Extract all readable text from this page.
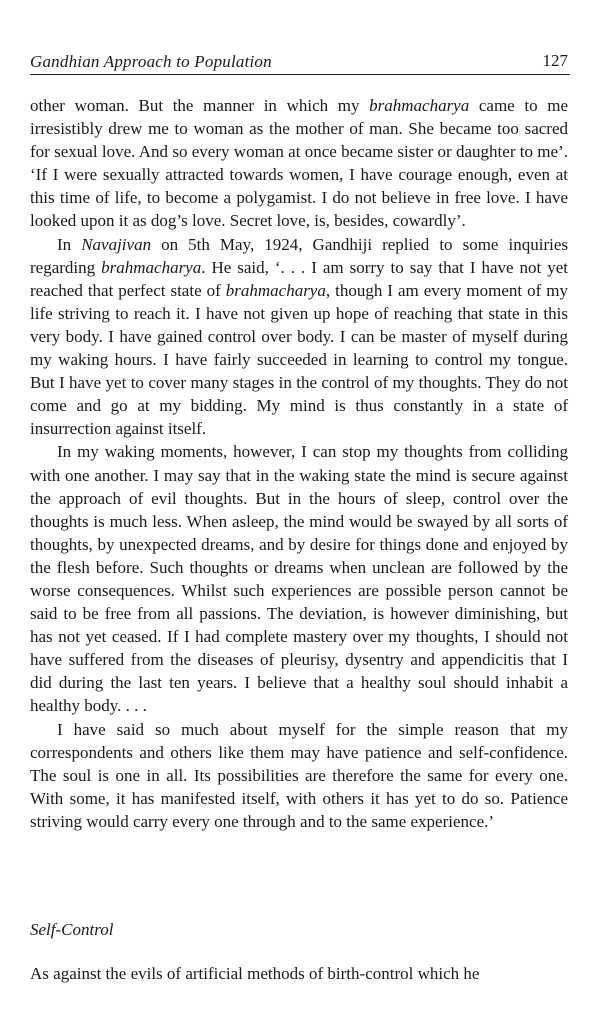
Gandhian Approach to Population	127

other woman. But the manner in which my brahmacharya came to me irresistibly drew me to woman as the mother of man. She became too sacred for sexual love. And so every woman at once became sister or daughter to me’. ‘If I were sexually attracted towards women, I have courage enough, even at this time of life, to become a polygamist. I do not believe in free love. I have looked upon it as dog’s love. Secret love, is, besides, cowardly’.

In Navajivan on 5th May, 1924, Gandhiji replied to some inquiries regarding brahmacharya. He said, ‘. . . I am sorry to say that I have not yet reached that perfect state of brahmacharya, though I am every moment of my life striving to reach it. I have not given up hope of reaching that state in this very body. I have gained control over body. I can be master of myself during my waking hours. I have fairly succeeded in learning to control my tongue. But I have yet to cover many stages in the control of my thoughts. They do not come and go at my bidding. My mind is thus constantly in a state of insurrection against itself.

In my waking moments, however, I can stop my thoughts from colliding with one another. I may say that in the waking state the mind is secure against the approach of evil thoughts. But in the hours of sleep, control over the thoughts is much less. When asleep, the mind would be swayed by all sorts of thoughts, by unexpected dreams, and by desire for things done and enjoyed by the flesh before. Such thoughts or dreams when unclean are followed by the worse consequences. Whilst such experiences are possible person cannot be said to be free from all passions. The deviation, is however diminishing, but has not yet ceased. If I had complete mastery over my thoughts, I should not have suffered from the diseases of pleurisy, dysentry and appendicitis that I did during the last ten years. I believe that a healthy soul should inhabit a healthy body. . . .

I have said so much about myself for the simple reason that my correspondents and others like them may have patience and self-confidence. The soul is one in all. Its possibilities are therefore the same for every one. With some, it has manifested itself, with others it has yet to do so. Patience striving would carry every one through and to the same experience.’

Self-Control

As against the evils of artificial methods of birth-control which he
